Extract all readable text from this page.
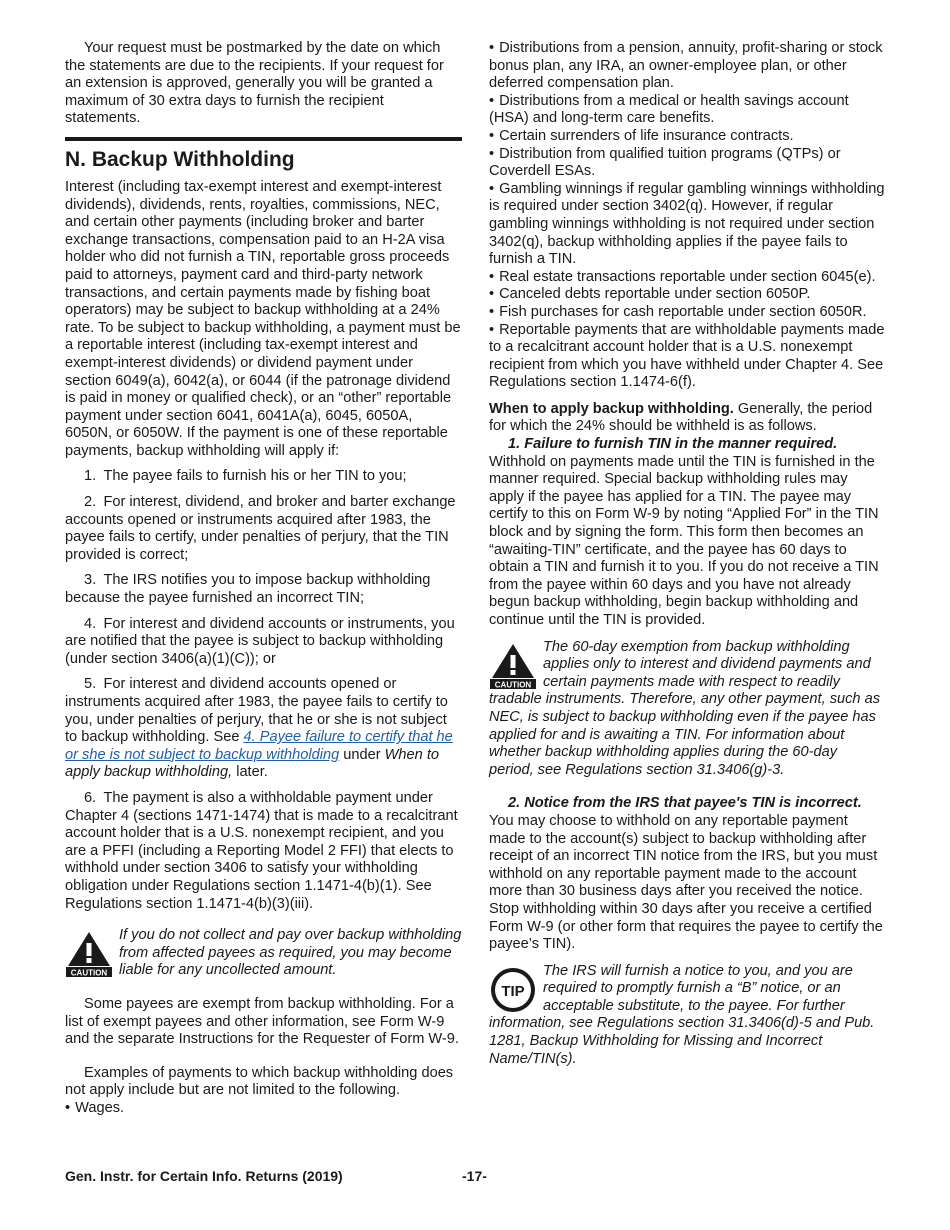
Your request must be postmarked by the date on which the statements are due to the recipients. If your request for an extension is approved, generally you will be granted a maximum of 30 extra days to furnish the recipient statements.

N. Backup Withholding

Interest (including tax-exempt interest and exempt-interest dividends), dividends, rents, royalties, commissions, NEC, and certain other payments (including broker and barter exchange transactions, compensation paid to an H-2A visa holder who did not furnish a TIN, reportable gross proceeds paid to attorneys, payment card and third-party network transactions, and certain payments made by fishing boat operators) may be subject to backup withholding at a 24% rate. To be subject to backup withholding, a payment must be a reportable interest (including tax-exempt interest and exempt-interest dividends) or dividend payment under section 6049(a), 6042(a), or 6044 (if the patronage dividend is paid in money or qualified check), or an “other” reportable payment under section 6041, 6041A(a), 6045, 6050A, 6050N, or 6050W. If the payment is one of these reportable payments, backup withholding will apply if:

1. The payee fails to furnish his or her TIN to you;

2. For interest, dividend, and broker and barter exchange accounts opened or instruments acquired after 1983, the payee fails to certify, under penalties of perjury, that the TIN provided is correct;

3. The IRS notifies you to impose backup withholding because the payee furnished an incorrect TIN;

4. For interest and dividend accounts or instruments, you are notified that the payee is subject to backup withholding (under section 3406(a)(1)(C)); or

5. For interest and dividend accounts opened or instruments acquired after 1983, the payee fails to certify to you, under penalties of perjury, that he or she is not subject to backup withholding. See 4. Payee failure to certify that he or she is not subject to backup withholding under When to apply backup withholding, later.

6. The payment is also a withholdable payment under Chapter 4 (sections 1471-1474) that is made to a recalcitrant account holder that is a U.S. nonexempt recipient, and you are a PFFI (including a Reporting Model 2 FFI) that elects to withhold under section 3406 to satisfy your withholding obligation under Regulations section 1.1471-4(b)(1). See Regulations section 1.1471-4(b)(3)(iii).

CAUTION

If you do not collect and pay over backup withholding from affected payees as required, you may become liable for any uncollected amount.

Some payees are exempt from backup withholding. For a list of exempt payees and other information, see Form W-9 and the separate Instructions for the Requester of Form W-9.

Examples of payments to which backup withholding does not apply include but are not limited to the following.

• Wages.

• Distributions from a pension, annuity, profit-sharing or stock bonus plan, any IRA, an owner-employee plan, or other deferred compensation plan.

• Distributions from a medical or health savings account (HSA) and long-term care benefits.

• Certain surrenders of life insurance contracts.

• Distribution from qualified tuition programs (QTPs) or Coverdell ESAs.

• Gambling winnings if regular gambling winnings withholding is required under section 3402(q). However, if regular gambling winnings withholding is not required under section 3402(q), backup withholding applies if the payee fails to furnish a TIN.

• Real estate transactions reportable under section 6045(e).

• Canceled debts reportable under section 6050P.

• Fish purchases for cash reportable under section 6050R.

• Reportable payments that are withholdable payments made to a recalcitrant account holder that is a U.S. nonexempt recipient from which you have withheld under Chapter 4. See Regulations section 1.1474-6(f).

When to apply backup withholding. Generally, the period for which the 24% should be withheld is as follows.

1. Failure to furnish TIN in the manner required.

Withhold on payments made until the TIN is furnished in the manner required. Special backup withholding rules may apply if the payee has applied for a TIN. The payee may certify to this on Form W-9 by noting “Applied For” in the TIN block and by signing the form. This form then becomes an “awaiting-TIN” certificate, and the payee has 60 days to obtain a TIN and furnish it to you. If you do not receive a TIN from the payee within 60 days and you have not already begun backup withholding, begin backup withholding and continue until the TIN is provided.

CAUTION

The 60-day exemption from backup withholding applies only to interest and dividend payments and certain payments made with respect to readily tradable instruments. Therefore, any other payment, such as NEC, is subject to backup withholding even if the payee has applied for and is awaiting a TIN. For information about whether backup withholding applies during the 60-day period, see Regulations section 31.3406(g)-3.

2. Notice from the IRS that payee's TIN is incorrect.

You may choose to withhold on any reportable payment made to the account(s) subject to backup withholding after receipt of an incorrect TIN notice from the IRS, but you must withhold on any reportable payment made to the account more than 30 business days after you received the notice. Stop withholding within 30 days after you receive a certified Form W-9 (or other form that requires the payee to certify the payee’s TIN).

TIP

The IRS will furnish a notice to you, and you are required to promptly furnish a “B” notice, or an acceptable substitute, to the payee. For further information, see Regulations section 31.3406(d)-5 and Pub. 1281, Backup Withholding for Missing and Incorrect Name/TIN(s).

Gen. Instr. for Certain Info. Returns (2019)	-17-
